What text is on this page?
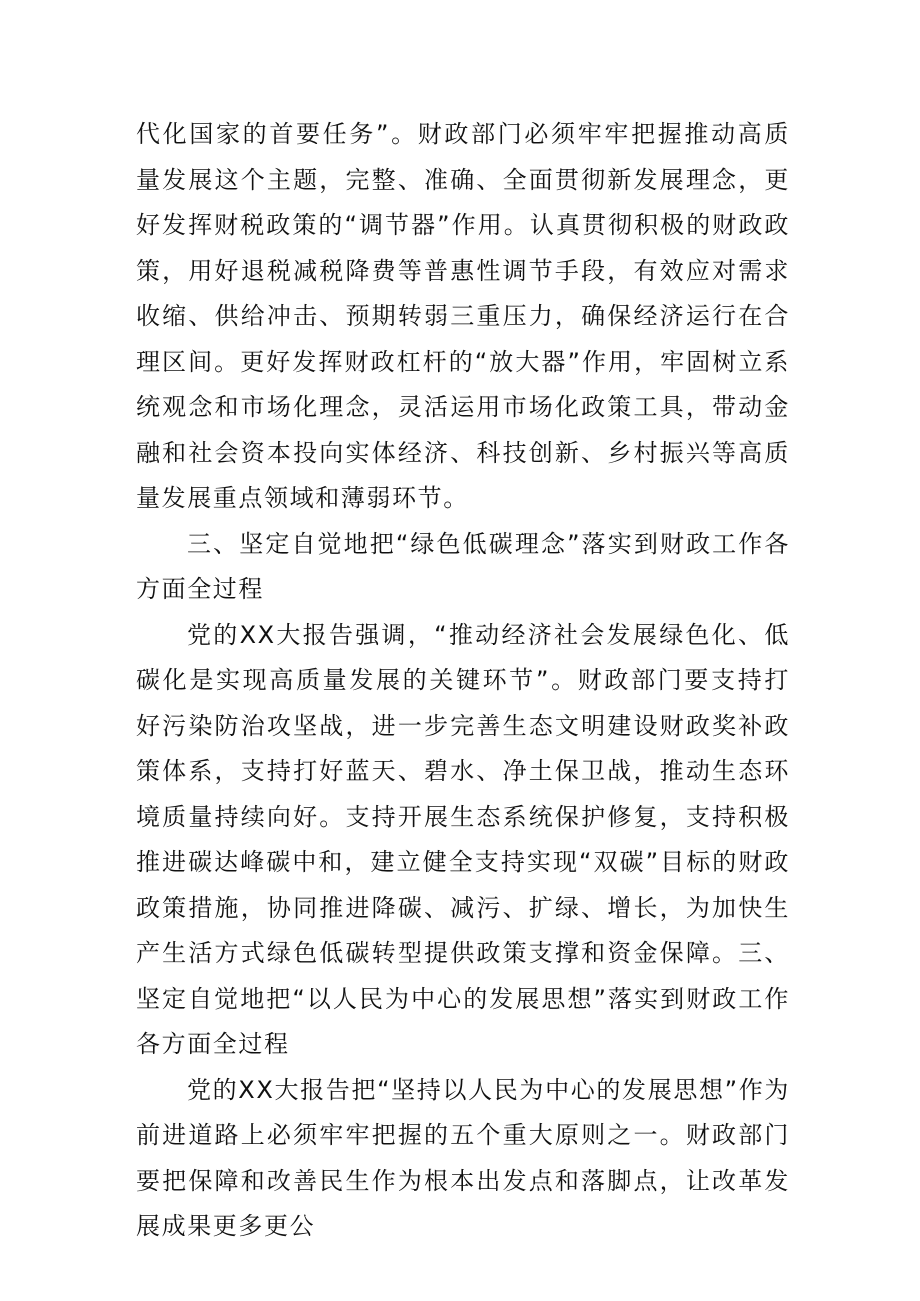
代化国家的首要任务”。财政部门必须牢牢把握推动高质量发展这个主题，完整、准确、全面贯彻新发展理念，更好发挥财税政策的“调节器”作用。认真贯彻积极的财政政策，用好退税减税降费等普惠性调节手段，有效应对需求收缩、供给冲击、预期转弱三重压力，确保经济运行在合理区间。更好发挥财政杠杆的“放大器”作用，牢固树立系统观念和市场化理念，灵活运用市场化政策工具，带动金融和社会资本投向实体经济、科技创新、乡村振兴等高质量发展重点领域和薄弱环节。

三、坚定自觉地把“绿色低碳理念”落实到财政工作各方面全过程

党的XX大报告强调，“推动经济社会发展绿色化、低碳化是实现高质量发展的关键环节”。财政部门要支持打好污染防治攻坚战，进一步完善生态文明建设财政奖补政策体系，支持打好蓝天、碧水、净土保卫战，推动生态环境质量持续向好。支持开展生态系统保护修复，支持积极推进碳达峰碳中和，建立健全支持实现“双碳”目标的财政政策措施，协同推进降碳、减污、扩绿、增长，为加快生产生活方式绿色低碳转型提供政策支撑和资金保障。三、坚定自觉地把“以人民为中心的发展思想”落实到财政工作各方面全过程

党的XX大报告把“坚持以人民为中心的发展思想”作为前进道路上必须牢牢把握的五个重大原则之一。财政部门要把保障和改善民生作为根本出发点和落脚点，让改革发展成果更多更公
